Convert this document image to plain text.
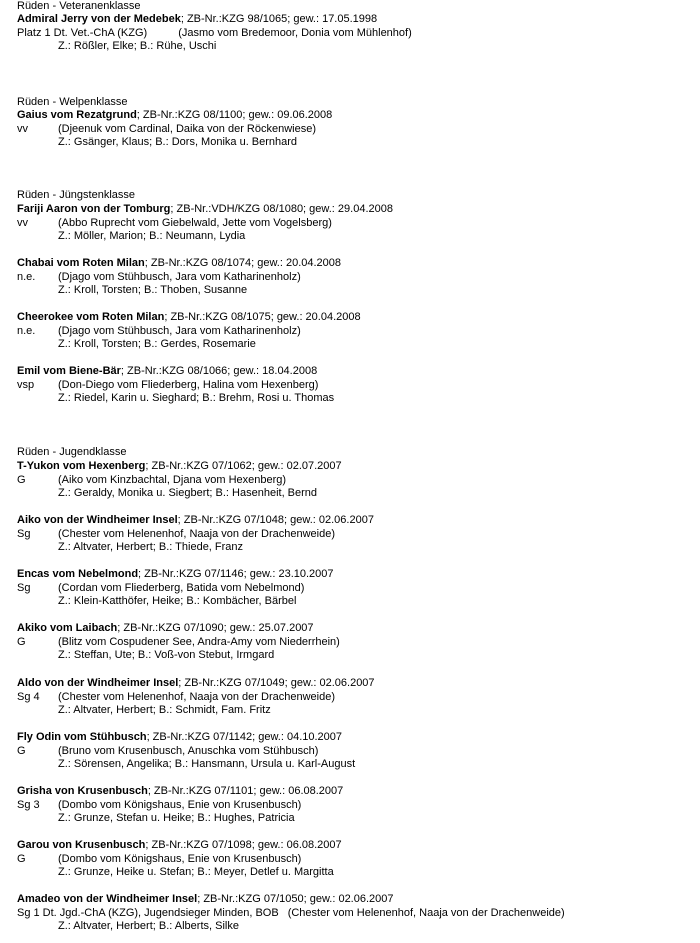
Rüden - Veteranenklasse
Admiral Jerry von der Medebek; ZB-Nr.:KZG 98/1065; gew.: 17.05.1998
Platz 1 Dt. Vet.-ChA (KZG)	(Jasmo vom Bredemoor, Donia vom Mühlenhof)
Z.: Rößler, Elke; B.: Rühe, Uschi
Rüden - Welpenklasse
Gaius vom Rezatgrund; ZB-Nr.:KZG 08/1100; gew.: 09.06.2008
vv	(Djeenuk vom Cardinal, Daika von der Röckenwiese)
Z.: Gsänger, Klaus; B.: Dors, Monika u. Bernhard
Rüden - Jüngstenklasse
Fariji Aaron von der Tomburg; ZB-Nr.:VDH/KZG 08/1080; gew.: 29.04.2008
vv	(Abbo Ruprecht vom Giebelwald, Jette vom Vogelsberg)
Z.: Möller, Marion; B.: Neumann, Lydia
Chabai vom Roten Milan; ZB-Nr.:KZG 08/1074; gew.: 20.04.2008
n.e. (Djago vom Stühbusch, Jara vom Katharinenholz)
Z.: Kroll, Torsten; B.: Thoben, Susanne
Cheerokee vom Roten Milan; ZB-Nr.:KZG 08/1075; gew.: 20.04.2008
n.e. (Djago vom Stühbusch, Jara vom Katharinenholz)
Z.: Kroll, Torsten; B.: Gerdes, Rosemarie
Emil vom Biene-Bär; ZB-Nr.:KZG 08/1066; gew.: 18.04.2008
vsp (Don-Diego vom Fliederberg, Halina vom Hexenberg)
Z.: Riedel, Karin u. Sieghard; B.: Brehm, Rosi u. Thomas
Rüden - Jugendklasse
T-Yukon vom Hexenberg; ZB-Nr.:KZG 07/1062; gew.: 02.07.2007
G	(Aiko vom Kinzbachtal, Djana vom Hexenberg)
Z.: Geraldy, Monika u. Siegbert; B.: Hasenheit, Bernd
Aiko von der Windheimer Insel; ZB-Nr.:KZG 07/1048; gew.: 02.06.2007
Sg	(Chester vom Helenenhof, Naaja von der Drachenweide)
Z.: Altvater, Herbert; B.: Thiede, Franz
Encas vom Nebelmond; ZB-Nr.:KZG 07/1146; gew.: 23.10.2007
Sg	(Cordan vom Fliederberg, Batida vom Nebelmond)
Z.: Klein-Katthöfer, Heike; B.: Kombächer, Bärbel
Akiko vom Laibach; ZB-Nr.:KZG 07/1090; gew.: 25.07.2007
G	(Blitz vom Cospudener See, Andra-Amy vom Niederrhein)
Z.: Steffan, Ute; B.: Voß-von Stebut, Irmgard
Aldo von der Windheimer Insel; ZB-Nr.:KZG 07/1049; gew.: 02.06.2007
Sg 4 (Chester vom Helenenhof, Naaja von der Drachenweide)
Z.: Altvater, Herbert; B.: Schmidt, Fam. Fritz
Fly Odin vom Stühbusch; ZB-Nr.:KZG 07/1142; gew.: 04.10.2007
G	(Bruno vom Krusenbusch, Anuschka vom Stühbusch)
Z.: Sörensen, Angelika; B.: Hansmann, Ursula u. Karl-August
Grisha von Krusenbusch; ZB-Nr.:KZG 07/1101; gew.: 06.08.2007
Sg 3 (Dombo vom Königshaus, Enie von Krusenbusch)
Z.: Grunze, Stefan u. Heike; B.: Hughes, Patricia
Garou von Krusenbusch; ZB-Nr.:KZG 07/1098; gew.: 06.08.2007
G	(Dombo vom Königshaus, Enie von Krusenbusch)
Z.: Grunze, Heike u. Stefan; B.: Meyer, Detlef u. Margitta
Amadeo von der Windheimer Insel; ZB-Nr.:KZG 07/1050; gew.: 02.06.2007
Sg 1 Dt. Jgd.-ChA (KZG), Jugendsieger Minden, BOB (Chester vom Helenenhof, Naaja von der Drachenweide)
Z.: Altvater, Herbert; B.: Alberts, Silke
